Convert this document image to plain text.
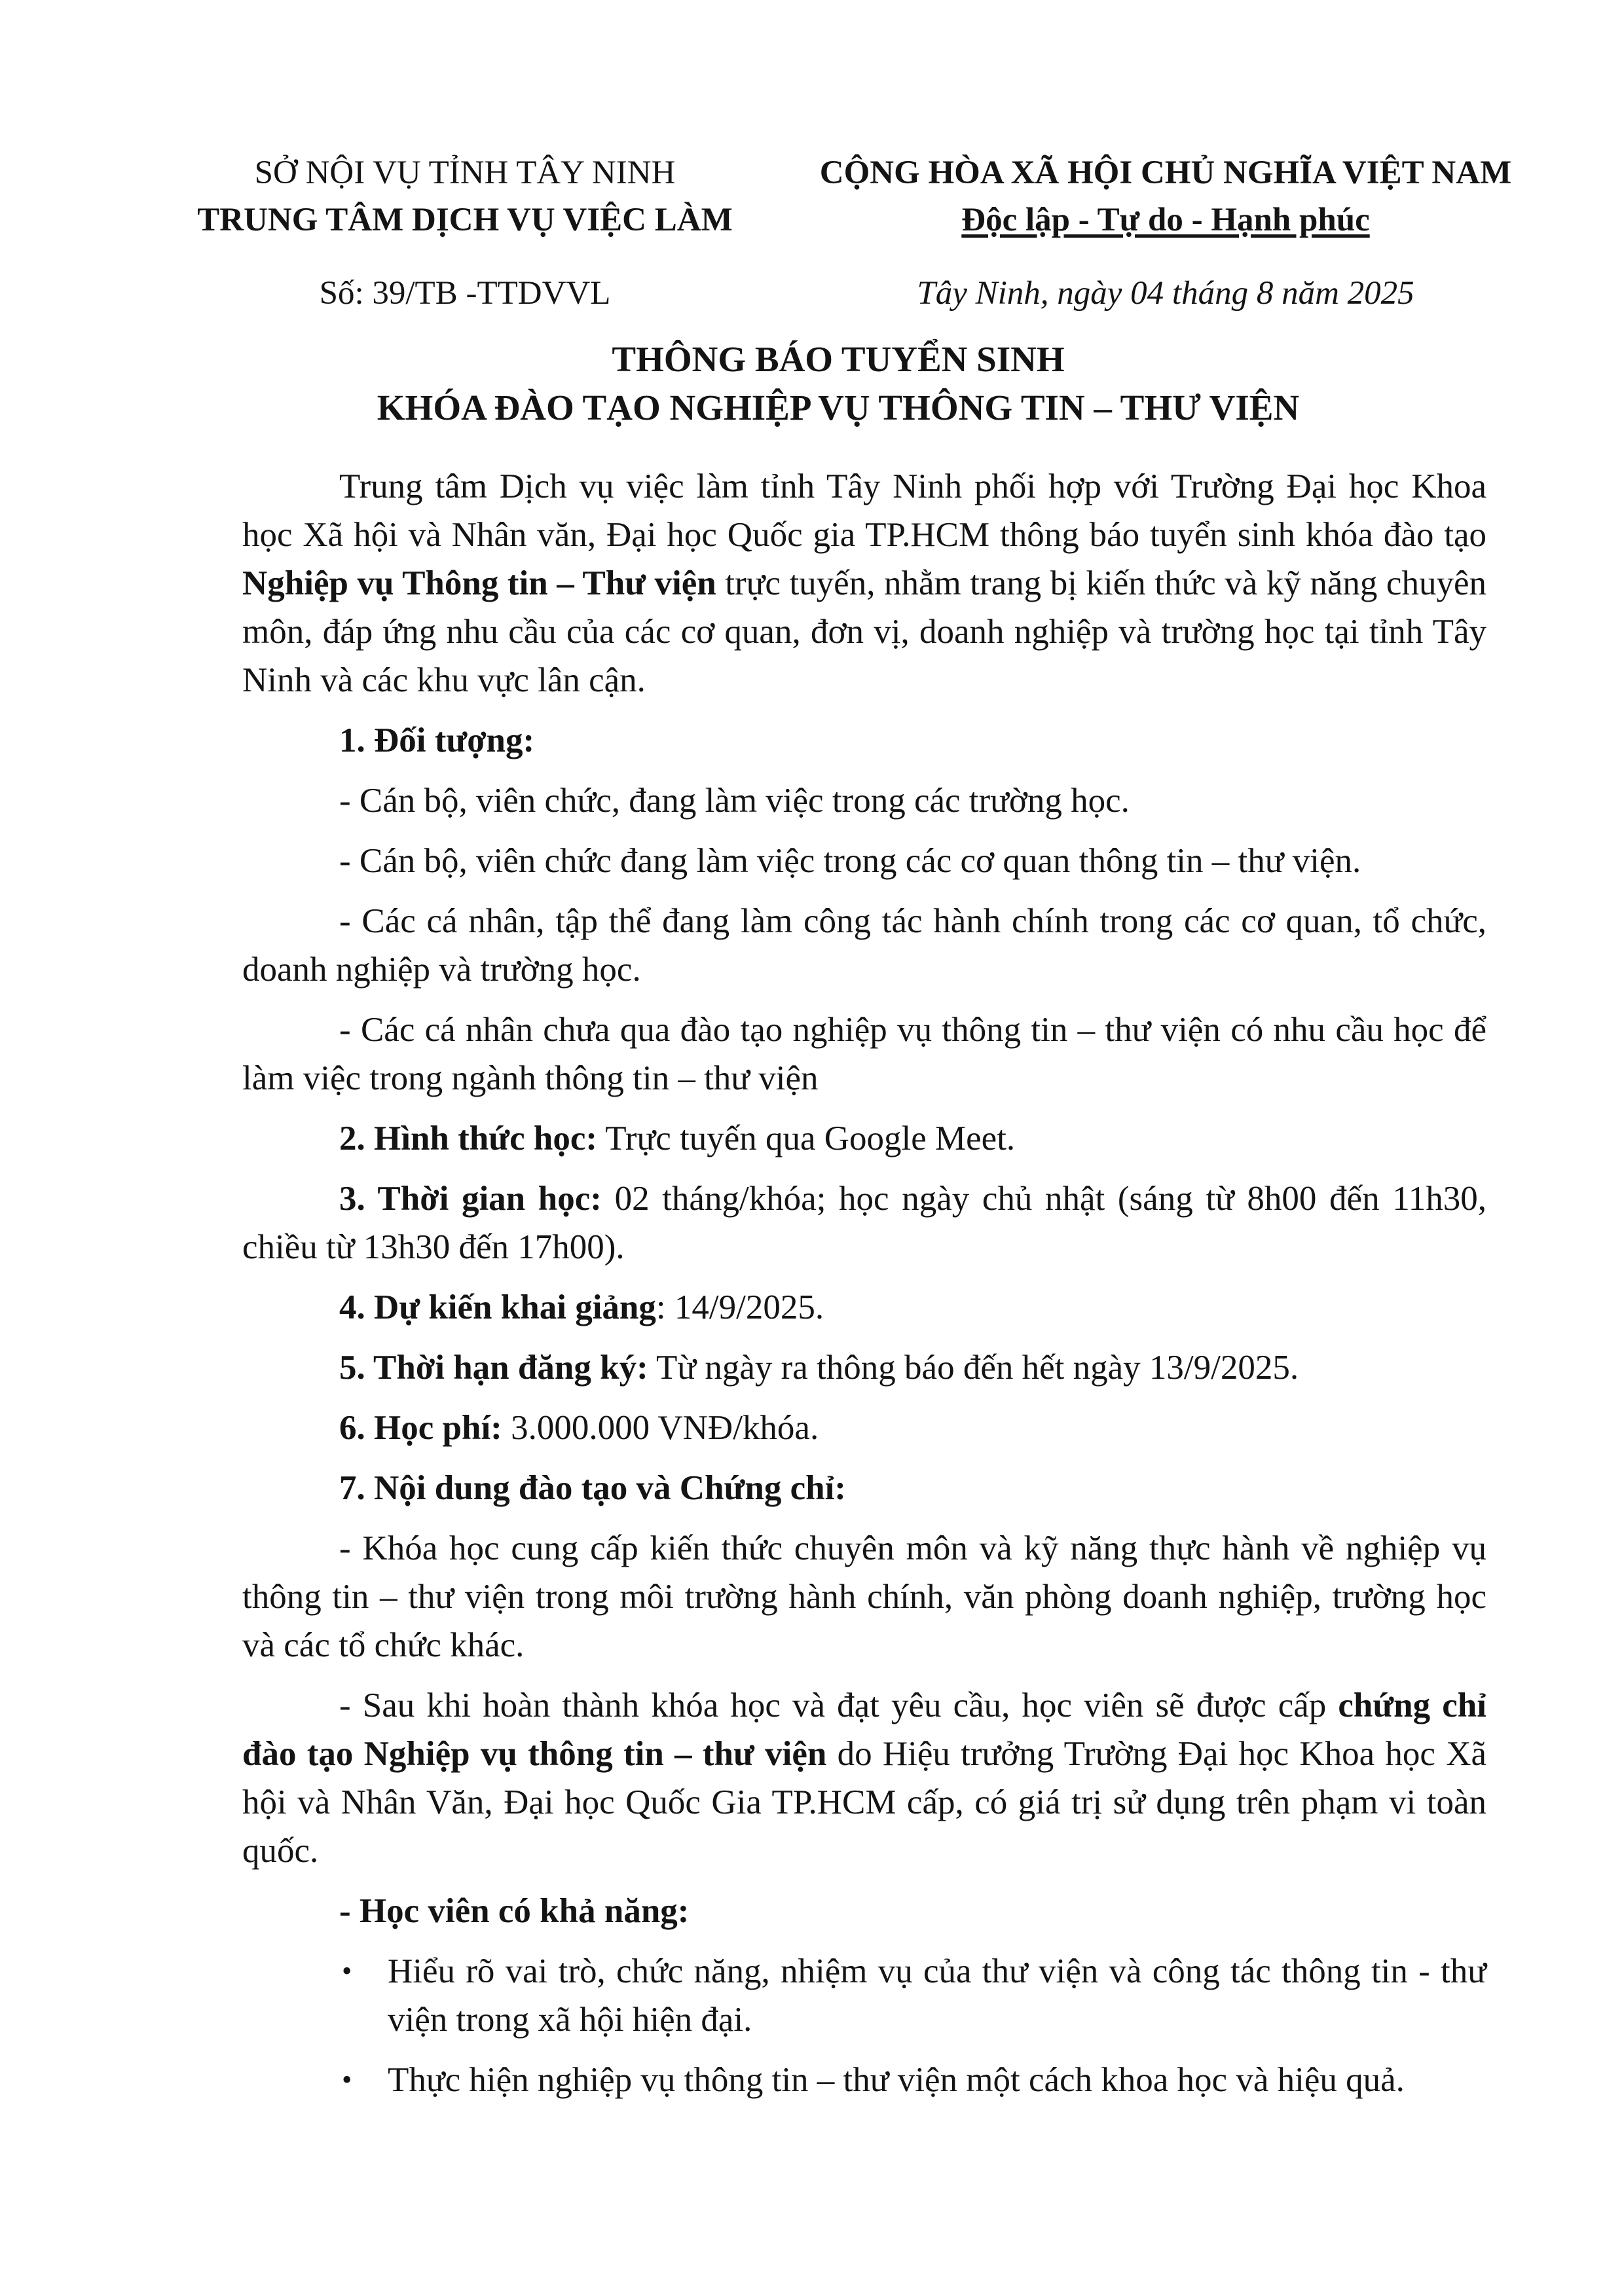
SỞ NỘI VỤ TỈNH TÂY NINH
TRUNG TÂM DỊCH VỤ VIỆC LÀM
Số: 39/TB -TTDVVL
CỘNG HÒA XÃ HỘI CHỦ NGHĨA VIỆT NAM
Độc lập - Tự do - Hạnh phúc
Tây Ninh, ngày 04 tháng 8 năm 2025
THÔNG BÁO TUYỂN SINH
KHÓA ĐÀO TẠO NGHIỆP VỤ THÔNG TIN – THƯ VIỆN

Trung tâm Dịch vụ việc làm tỉnh Tây Ninh phối hợp với Trường Đại học Khoa học Xã hội và Nhân văn, Đại học Quốc gia TP.HCM thông báo tuyển sinh khóa đào tạo Nghiệp vụ Thông tin – Thư viện trực tuyến, nhằm trang bị kiến thức và kỹ năng chuyên môn, đáp ứng nhu cầu của các cơ quan, đơn vị, doanh nghiệp và trường học tại tỉnh Tây Ninh và các khu vực lân cận.

1. Đối tượng:

- Cán bộ, viên chức, đang làm việc trong các trường học.

- Cán bộ, viên chức đang làm việc trong các cơ quan thông tin – thư viện.

- Các cá nhân, tập thể đang làm công tác hành chính trong các cơ quan, tổ chức, doanh nghiệp và trường học.

- Các cá nhân chưa qua đào tạo nghiệp vụ thông tin – thư viện có nhu cầu học để làm việc trong ngành thông tin – thư viện

2. Hình thức học: Trực tuyến qua Google Meet.

3. Thời gian học: 02 tháng/khóa; học ngày chủ nhật (sáng từ 8h00 đến 11h30, chiều từ 13h30 đến 17h00).

4. Dự kiến khai giảng: 14/9/2025.

5. Thời hạn đăng ký: Từ ngày ra thông báo đến hết ngày 13/9/2025.

6. Học phí: 3.000.000 VNĐ/khóa.

7. Nội dung đào tạo và Chứng chỉ:

- Khóa học cung cấp kiến thức chuyên môn và kỹ năng thực hành về nghiệp vụ thông tin – thư viện trong môi trường hành chính, văn phòng doanh nghiệp, trường học và các tổ chức khác.

- Sau khi hoàn thành khóa học và đạt yêu cầu, học viên sẽ được cấp chứng chỉ đào tạo Nghiệp vụ thông tin – thư viện do Hiệu trưởng Trường Đại học Khoa học Xã hội và Nhân Văn, Đại học Quốc Gia TP.HCM cấp, có giá trị sử dụng trên phạm vi toàn quốc.

- Học viên có khả năng:

• Hiểu rõ vai trò, chức năng, nhiệm vụ của thư viện và công tác thông tin - thư viện trong xã hội hiện đại.
• Thực hiện nghiệp vụ thông tin – thư viện một cách khoa học và hiệu quả.
